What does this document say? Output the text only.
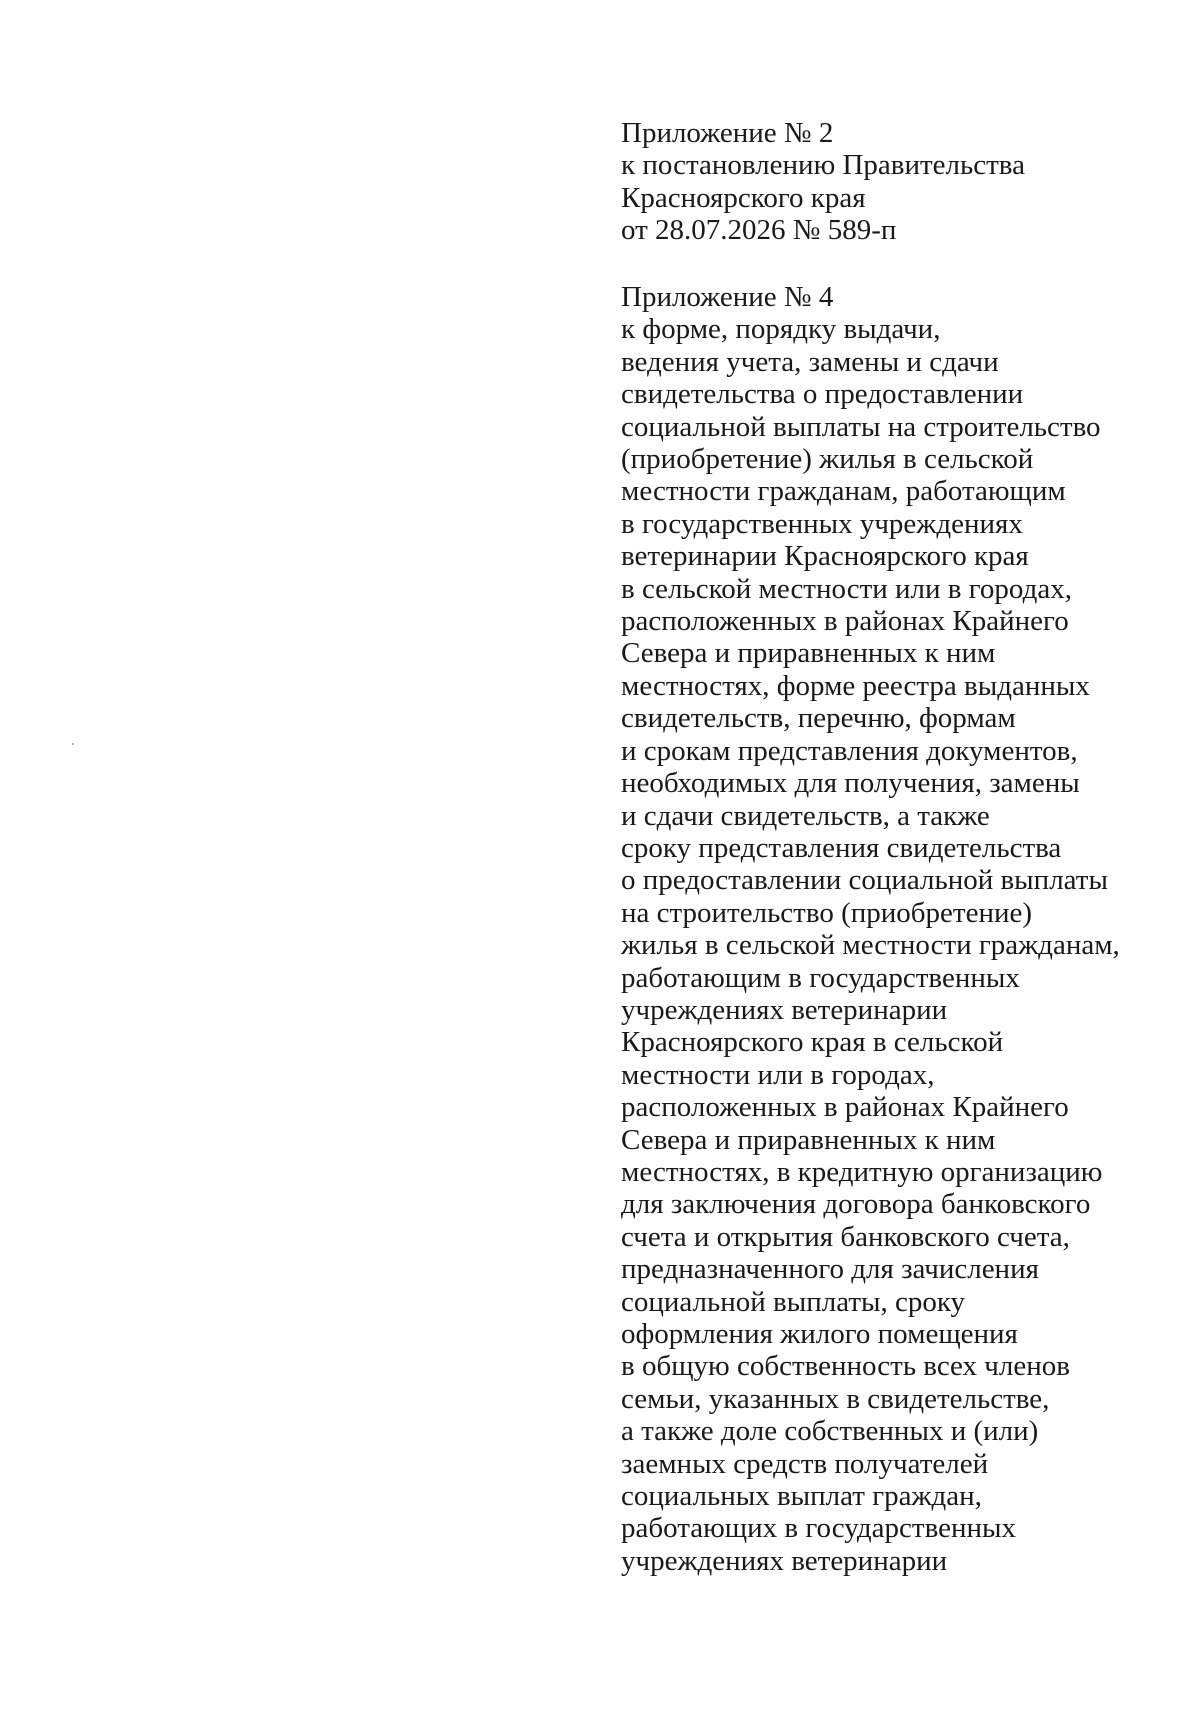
Приложение № 2
к постановлению Правительства
Красноярского края
от 28.07.2026 № 589-п
Приложение № 4
к форме, порядку выдачи,
ведения учета, замены и сдачи
свидетельства о предоставлении
социальной выплаты на строительство
(приобретение) жилья в сельской
местности гражданам, работающим
в государственных учреждениях
ветеринарии Красноярского края
в сельской местности или в городах,
расположенных в районах Крайнего
Севера и приравненных к ним
местностях, форме реестра выданных
свидетельств, перечню, формам
и срокам представления документов,
необходимых для получения, замены
и сдачи свидетельств, а также
сроку представления свидетельства
о предоставлении социальной выплаты
на строительство (приобретение)
жилья в сельской местности гражданам,
работающим в государственных
учреждениях ветеринарии
Красноярского края в сельской
местности или в городах,
расположенных в районах Крайнего
Севера и приравненных к ним
местностях, в кредитную организацию
для заключения договора банковского
счета и открытия банковского счета,
предназначенного для зачисления
социальной выплаты, сроку
оформления жилого помещения
в общую собственность всех членов
семьи, указанных в свидетельстве,
а также доле собственных и (или)
заемных средств получателей
социальных выплат граждан,
работающих в государственных
учреждениях ветеринарии
